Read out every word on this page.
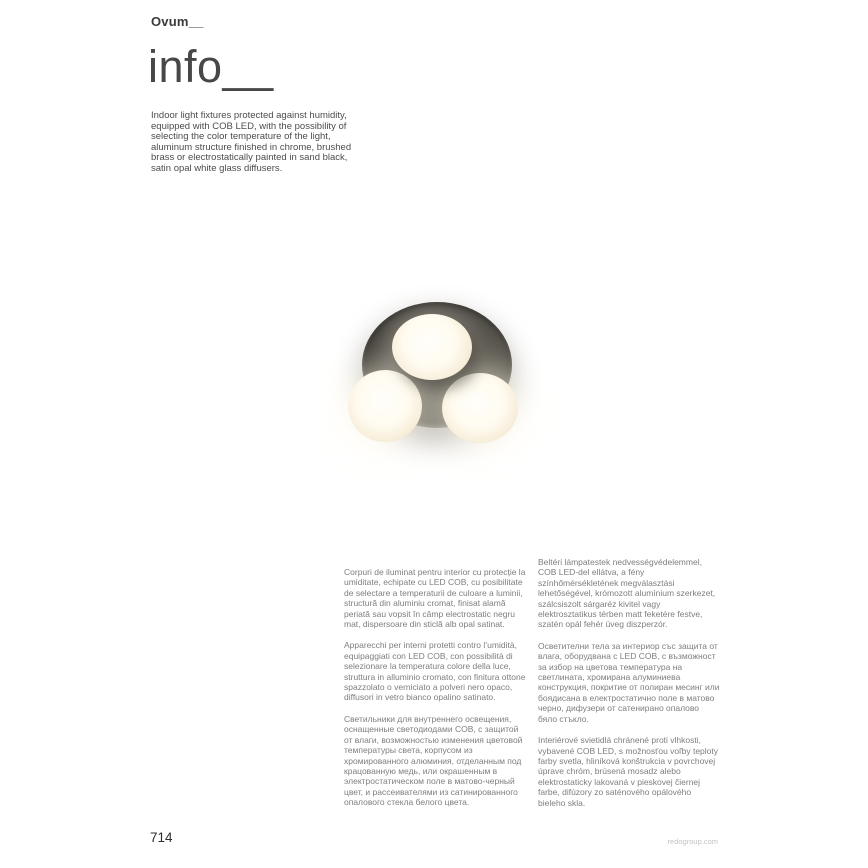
Ovum__
info__

Indoor light fixtures protected against humidity, equipped with COB LED, with the possibility of selecting the color temperature of the light, aluminum structure finished in chrome, brushed brass or electrostatically painted in sand black, satin opal white glass diffusers.

Corpuri de iluminat pentru interior cu protecție la umiditate, echipate cu LED COB, cu posibilitate de selectare a temperaturii de culoare a luminii, structură din aluminiu cromat, finisat alamă periată sau vopsit în câmp electrostatic negru mat, dispersoare din sticlă alb opal satinat.

Apparecchi per interni protetti contro l’umidità, equipaggiati con LED COB, con possibilità di selezionare la temperatura colore della luce, struttura in alluminio cromato, con finitura ottone spazzolato o verniciato a polveri nero opaco, diffusori in vetro bianco opalino satinato.

Светильники для внутреннего освещения, оснащенные светодиодами COB, с защитой от влаги, возможностью изменения цветовой температуры света, корпусом из хромированного алюминия, отделанным под крацованную медь, или окрашенным в электростатическом поле в матово-черный цвет, и рассеивателями из сатинированного опалового стекла белого цвета.

Beltéri lámpatestek nedvességvédelemmel, COB LED-del ellátva, a fény színhőmérsékletének megválasztási lehetőségével, krómozott alumínium szerkezet, szálcsiszolt sárgaréz kivitel vagy elektrosztatikus térben matt feketére festve, szatén opál fehér üveg diszperzór.

Осветителни тела за интериор със защита от влага, оборудвана с LED COB, с възможност за избор на цветова температура на светлината, хромирана алуминиева конструкция, покритие от полиран месинг или боядисана в електростатично поле в матово черно, дифузери от сатенирано опалово бяло стъкло.

Interiérové svietidlá chránené proti vlhkosti, vybavené COB LED, s možnosťou voľby teploty farby svetla, hliníková konštrukcia v povrchovej úprave chróm, brúsená mosadz alebo elektrostaticky lakovaná v pieskovej čiernej farbe, difúzory zo saténového opálového bieleho skla.

714	redogroup.com
